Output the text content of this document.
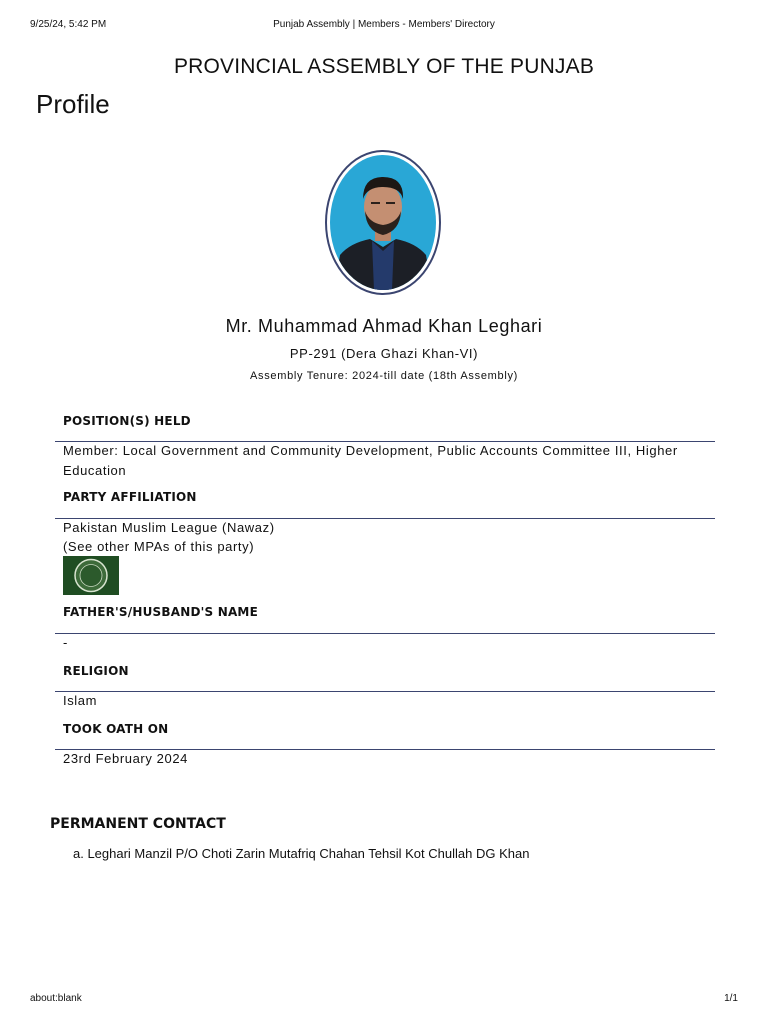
9/25/24, 5:42 PM	Punjab Assembly | Members - Members' Directory
PROVINCIAL ASSEMBLY OF THE PUNJAB
Profile
Mr. Muhammad Ahmad Khan Leghari
PP-291 (Dera Ghazi Khan-VI)
Assembly Tenure: 2024-till date (18th Assembly)
POSITION(S) HELD
Member: Local Government and Community Development, Public Accounts Committee III, Higher Education
PARTY AFFILIATION
Pakistan Muslim League (Nawaz)
(See other MPAs of this party)
FATHER'S/HUSBAND'S NAME
-
RELIGION
Islam
TOOK OATH ON
23rd February 2024
PERMANENT CONTACT
a. Leghari Manzil P/O Choti Zarin Mutafriq Chahan Tehsil Kot Chullah DG Khan
about:blank	1/1
